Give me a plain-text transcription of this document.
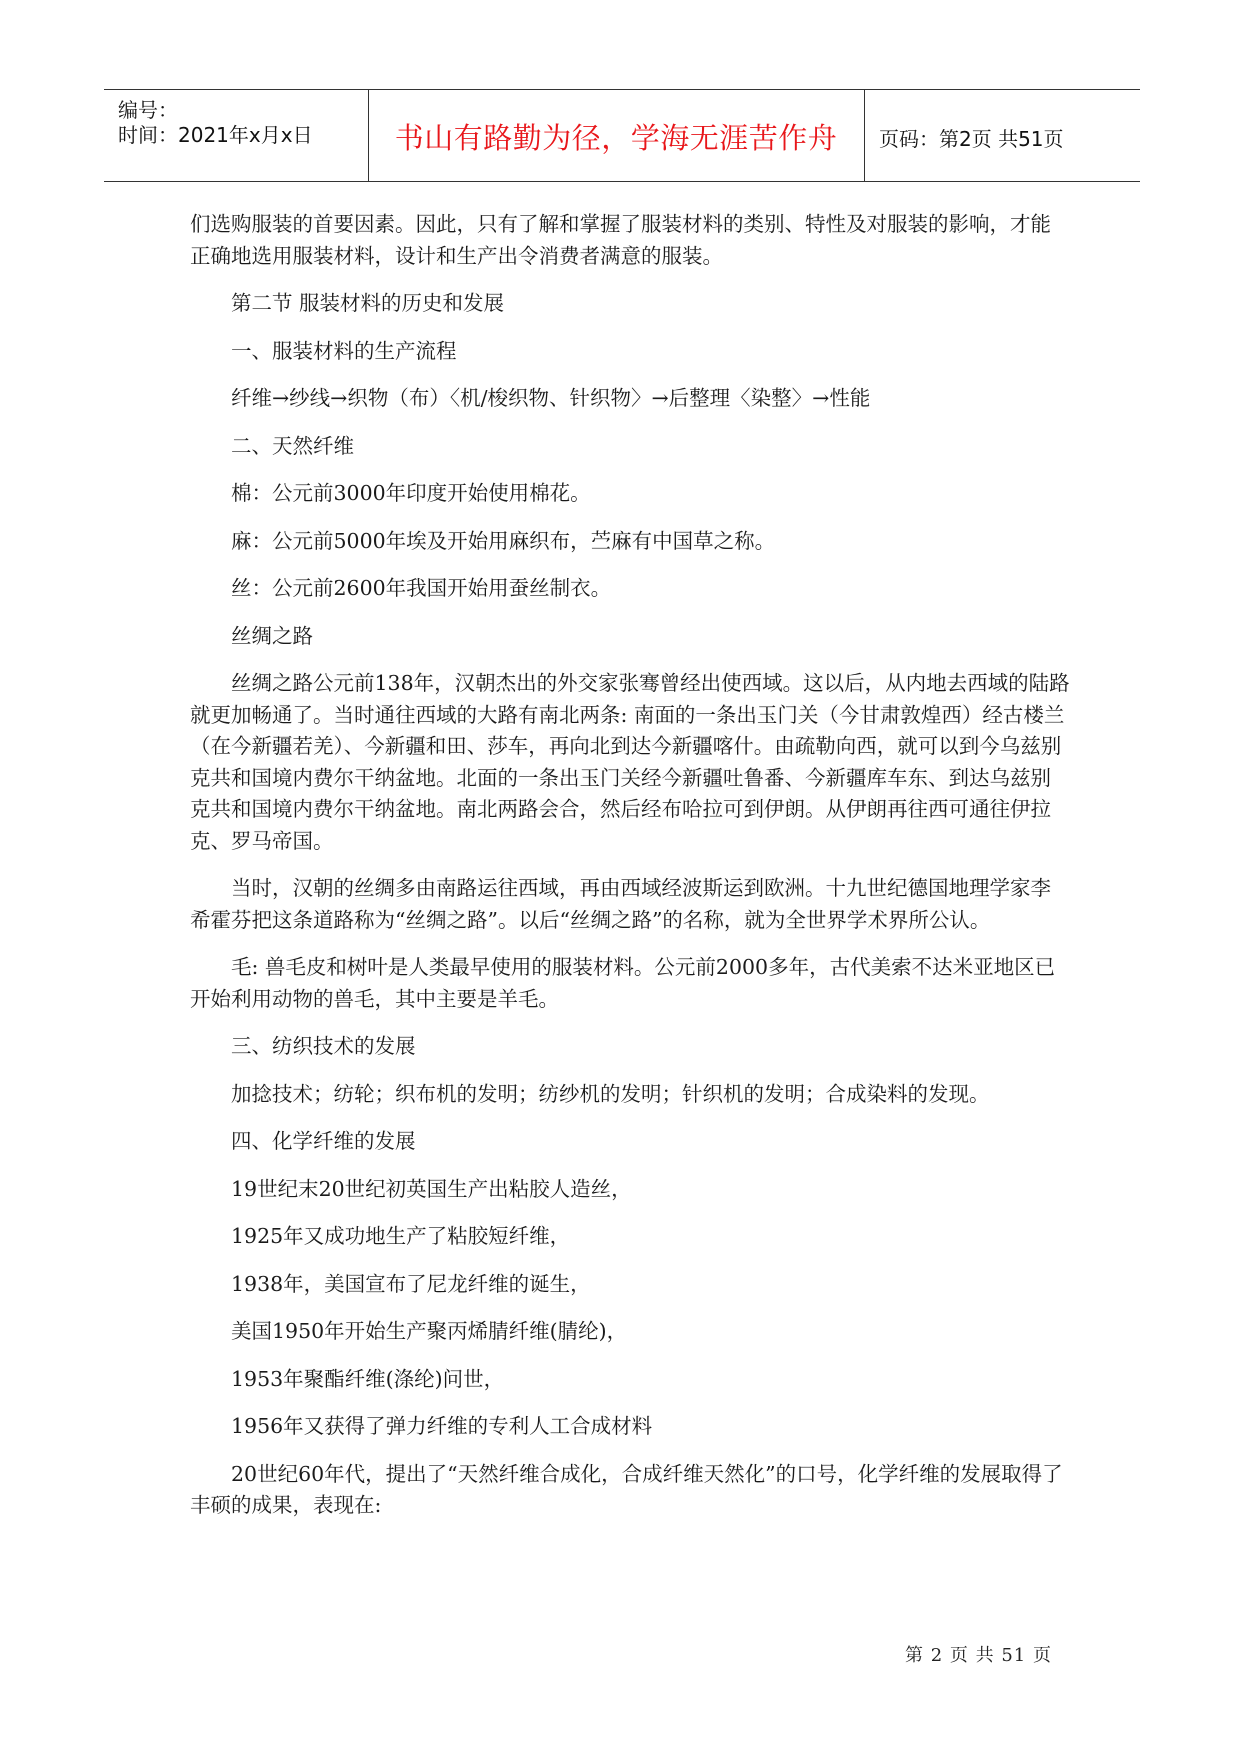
编号：
时间：2021年x月x日	书山有路勤为径，学海无涯苦作舟	页码：第2页 共51页

们选购服装的首要因素。因此，只有了解和掌握了服装材料的类别、特性及对服装的影响，才能正确地选用服装材料，设计和生产出令消费者满意的服装。

第二节 服装材料的历史和发展

一、服装材料的生产流程

纤维→纱线→织物（布）〈机/梭织物、针织物〉→后整理〈染整〉→性能

二、天然纤维

棉：公元前3000年印度开始使用棉花。

麻：公元前5000年埃及开始用麻织布，苎麻有中国草之称。

丝：公元前2600年我国开始用蚕丝制衣。

丝绸之路

丝绸之路公元前138年，汉朝杰出的外交家张骞曾经出使西域。这以后，从内地去西域的陆路就更加畅通了。当时通往西域的大路有南北两条: 南面的一条出玉门关（今甘肃敦煌西）经古楼兰（在今新疆若羌）、今新疆和田、莎车，再向北到达今新疆喀什。由疏勒向西，就可以到今乌兹别克共和国境内费尔干纳盆地。北面的一条出玉门关经今新疆吐鲁番、今新疆库车东、到达乌兹别克共和国境内费尔干纳盆地。南北两路会合，然后经布哈拉可到伊朗。从伊朗再往西可通往伊拉克、罗马帝国。

当时，汉朝的丝绸多由南路运往西域，再由西域经波斯运到欧洲。十九世纪德国地理学家李希霍芬把这条道路称为“丝绸之路”。以后“丝绸之路”的名称，就为全世界学术界所公认。

毛: 兽毛皮和树叶是人类最早使用的服装材料。公元前2000多年，古代美索不达米亚地区已开始利用动物的兽毛，其中主要是羊毛。

三、纺织技术的发展

加捻技术；纺轮；织布机的发明；纺纱机的发明；针织机的发明；合成染料的发现。

四、化学纤维的发展

19世纪末20世纪初英国生产出粘胶人造丝，

1925年又成功地生产了粘胶短纤维，

1938年，美国宣布了尼龙纤维的诞生，

美国1950年开始生产聚丙烯腈纤维(腈纶)，

1953年聚酯纤维(涤纶)问世，

1956年又获得了弹力纤维的专利人工合成材料

20世纪60年代，提出了“天然纤维合成化，合成纤维天然化”的口号，化学纤维的发展取得了丰硕的成果，表现在:

第 2 页 共 51 页
